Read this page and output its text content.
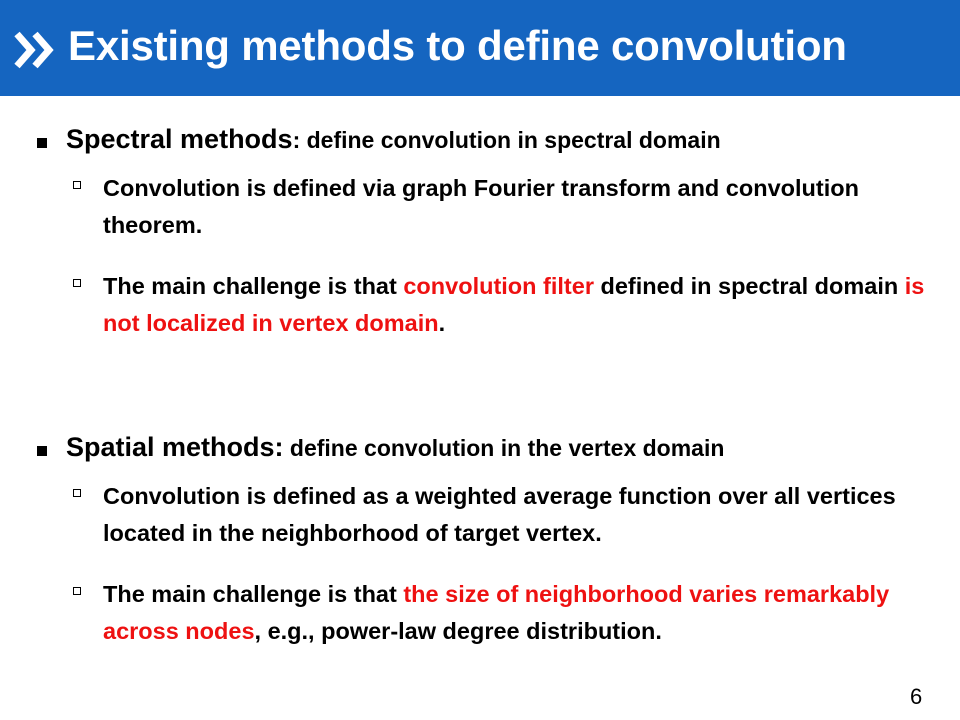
Existing methods to define convolution
Spectral methods: define convolution in spectral domain
Convolution is defined via graph Fourier transform and convolution theorem.
The main challenge is that convolution filter defined in spectral domain is not localized in vertex domain.
Spatial methods: define convolution in the vertex domain
Convolution is defined as a weighted average function over all vertices located in the neighborhood of target vertex.
The main challenge is that the size of neighborhood varies remarkably across nodes, e.g., power-law degree distribution.
6
